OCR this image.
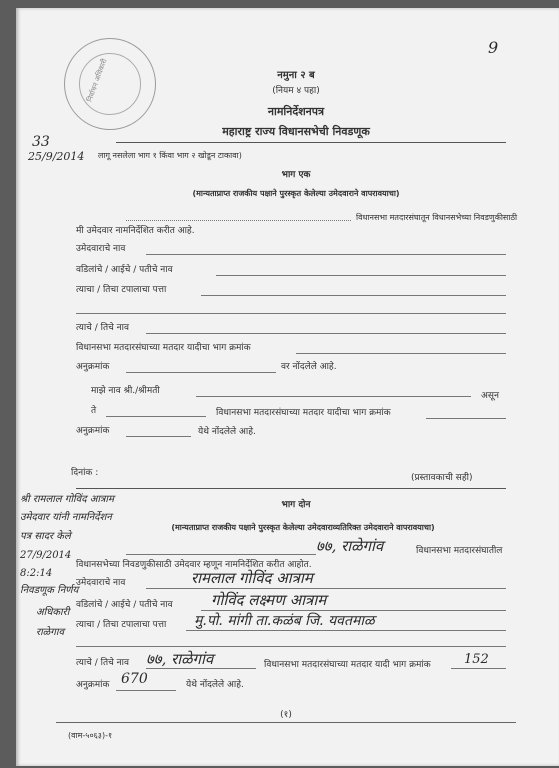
निर्वाचन अधिकारी
9
नमुना २ ब
(नियम ४ पहा)
नामनिर्देशनपत्र
महाराष्ट्र राज्य विधानसभेची निवडणूक
33
25/9/2014 लागू नसलेला भाग १ किंवा भाग २ खोडून टाकावा)
भाग एक
(मान्यताप्राप्त राजकीय पक्षाने पुरस्कृत केलेल्या उमेदवाराने वापरावयाचा)
विधानसभा मतदारसंघातून विधानसभेच्या निवडणुकीसाठी
मी उमेदवार नामनिर्देशित करीत आहे.
उमेदवाराचे नाव
वडिलांचे / आईचे / पतीचे नाव
त्याचा / तिचा टपालाचा पत्ता
त्याचे / तिचे नाव
विधानसभा मतदारसंघाच्या मतदार यादीचा भाग क्रमांक
अनुक्रमांक	वर नोंदलेले आहे.
माझे नाव श्री./श्रीमती	असून
ते	विधानसभा मतदारसंघाच्या मतदार यादीचा भाग क्रमांक
अनुक्रमांक	येथे नोंदलेले आहे.
दिनांक :	(प्रस्तावकाची सही)
भाग दोन
(मान्यताप्राप्त राजकीय पक्षाने पुरस्कृत केलेल्या उमेदवाराव्यतिरिक्त उमेदवाराने वापरावयाचा)
श्री रामलाल गोविंद आत्राम
उमेदवार यांनी नामनिर्देशन
पत्र सादर केले
27/9/2014
8:2:14
निवडणूक निर्णय
अधिकारी
राळेगाव
७७, राळेगांव	विधानसभा मतदारसंघातील
विधानसभेच्या निवडणुकीसाठी उमेदवार म्हणून नामनिर्देशित करीत आहोत.
उमेदवाराचे नाव	रामलाल गोविंद आत्राम
वडिलांचे / आईचे / पतीचे नाव	गोविंद लक्ष्मण आत्राम
त्याचा / तिचा टपालाचा पत्ता मु.पो. मांगी ता.कळंब जि. यवतमाळ
त्याचे / तिचे नाव ७७, राळेगांव	विधानसभा मतदारसंघाच्या मतदार यादी भाग क्रमांक	152
अनुक्रमांक 670	येथे नोंदलेले आहे.
(१)
(वाम-५०६३)-१
